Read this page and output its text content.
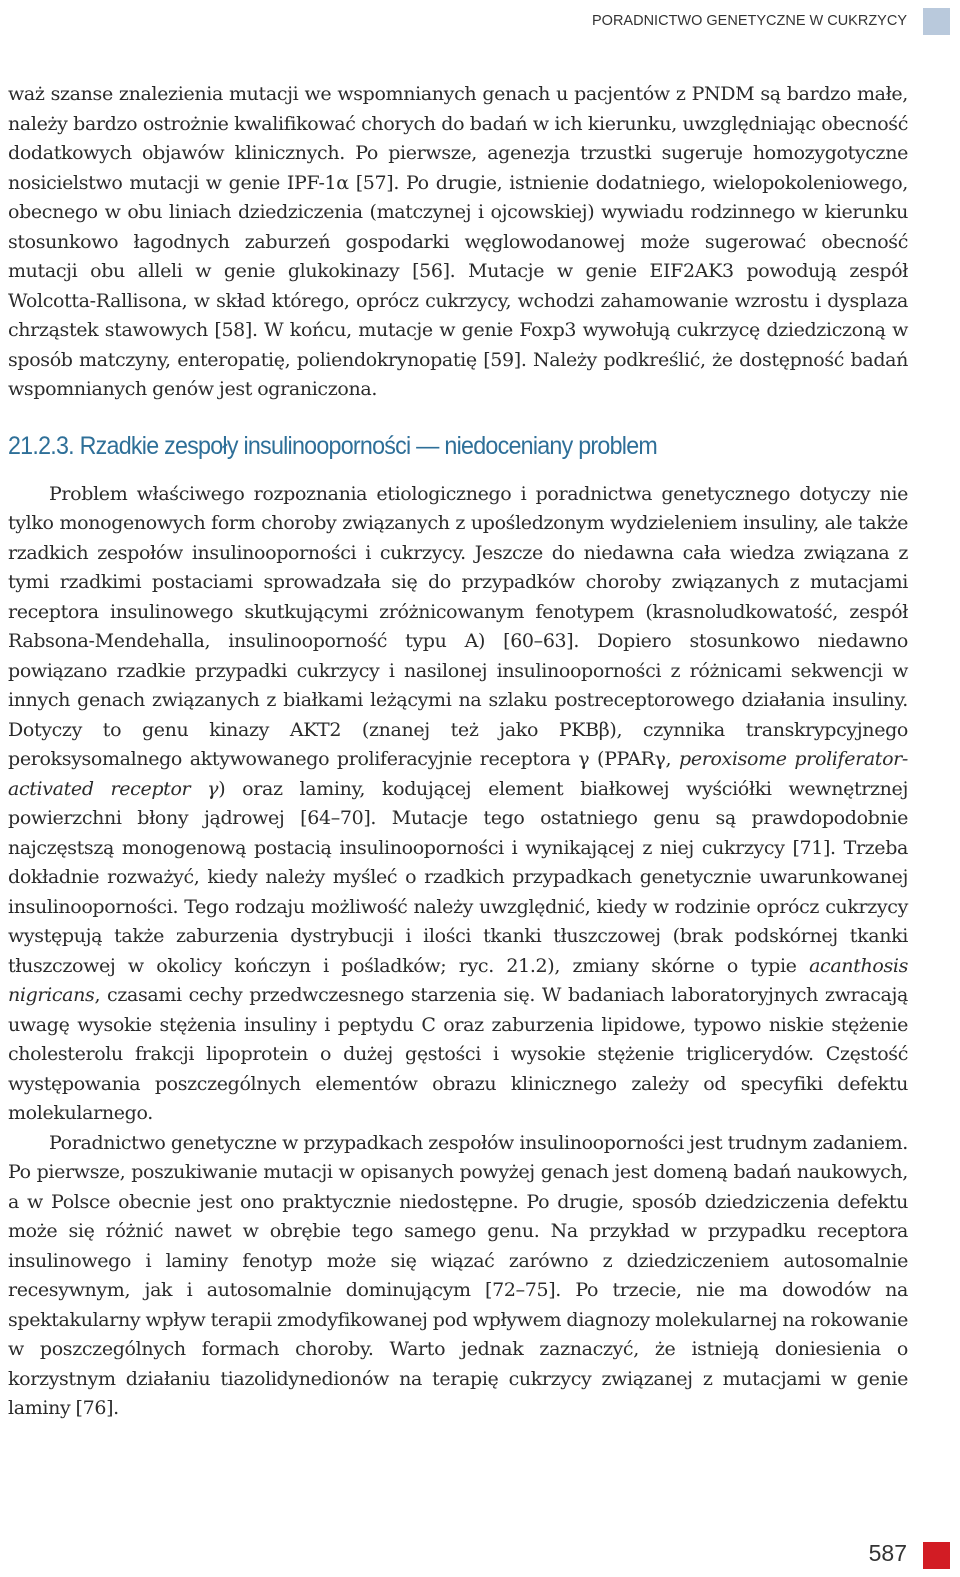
PORADNICTWO GENETYCZNE W CUKRZYCY

waż szanse znalezienia mutacji we wspomnianych genach u pacjentów z PNDM są bardzo małe, należy bardzo ostrożnie kwalifikować chorych do badań w ich kierunku, uwzględniając obecność dodatkowych objawów klinicznych. Po pierwsze, agenezja trzustki sugeruje homozygotyczne nosicielstwo mutacji w genie IPF-1α [57]. Po drugie, istnienie dodatniego, wielopokoleniowego, obecnego w obu liniach dziedziczenia (matczynej i ojcowskiej) wywiadu rodzinnego w kierunku stosunkowo łagodnych zaburzeń gospodarki węglowodanowej może sugerować obecność mutacji obu alleli w genie glukokinazy [56]. Mutacje w genie EIF2AK3 powodują zespół Wolcotta-Rallisona, w skład którego, oprócz cukrzycy, wchodzi zahamowanie wzrostu i dysplaza chrząstek stawowych [58]. W końcu, mutacje w genie Foxp3 wywołują cukrzycę dziedziczoną w sposób matczyny, enteropatię, poliendokrynopatię [59]. Należy podkreślić, że dostępność badań wspomnianych genów jest ograniczona.

21.2.3. Rzadkie zespoły insulinooporności — niedoceniany problem

Problem właściwego rozpoznania etiologicznego i poradnictwa genetycznego dotyczy nie tylko monogenowych form choroby związanych z upośledzonym wydzieleniem insuliny, ale także rzadkich zespołów insulinooporności i cukrzycy. Jeszcze do niedawna cała wiedza związana z tymi rzadkimi postaciami sprowadzała się do przypadków choroby związanych z mutacjami receptora insulinowego skutkującymi zróżnicowanym fenotypem (krasnoludkowatość, zespół Rabsona-Mendehalla, insulinooporność typu A) [60–63]. Dopiero stosunkowo niedawno powiązano rzadkie przypadki cukrzycy i nasilonej insulinooporności z różnicami sekwencji w innych genach związanych z białkami leżącymi na szlaku postreceptorowego działania insuliny. Dotyczy to genu kinazy AKT2 (znanej też jako PKBβ), czynnika transkrypcyjnego peroksysomalnego aktywowanego proliferacyjnie receptora γ (PPARγ, peroxisome proliferator-activated receptor γ) oraz laminy, kodującej element białkowej wyściółki wewnętrznej powierzchni błony jądrowej [64–70]. Mutacje tego ostatniego genu są prawdopodobnie najczęstszą monogenową postacią insulinooporności i wynikającej z niej cukrzycy [71]. Trzeba dokładnie rozważyć, kiedy należy myśleć o rzadkich przypadkach genetycznie uwarunkowanej insulinooporności. Tego rodzaju możliwość należy uwzględnić, kiedy w rodzinie oprócz cukrzycy występują także zaburzenia dystrybucji i ilości tkanki tłuszczowej (brak podskórnej tkanki tłuszczowej w okolicy kończyn i pośladków; ryc. 21.2), zmiany skórne o typie acanthosis nigricans, czasami cechy przedwczesnego starzenia się. W badaniach laboratoryjnych zwracają uwagę wysokie stężenia insuliny i peptydu C oraz zaburzenia lipidowe, typowo niskie stężenie cholesterolu frakcji lipoprotein o dużej gęstości i wysokie stężenie triglicerydów. Częstość występowania poszczególnych elementów obrazu klinicznego zależy od specyfiki defektu molekularnego.

Poradnictwo genetyczne w przypadkach zespołów insulinooporności jest trudnym zadaniem. Po pierwsze, poszukiwanie mutacji w opisanych powyżej genach jest domeną badań naukowych, a w Polsce obecnie jest ono praktycznie niedostępne. Po drugie, sposób dziedziczenia defektu może się różnić nawet w obrębie tego samego genu. Na przykład w przypadku receptora insulinowego i laminy fenotyp może się wiązać zarówno z dziedziczeniem autosomalnie recesywnym, jak i autosomalnie dominującym [72–75]. Po trzecie, nie ma dowodów na spektakularny wpływ terapii zmodyfikowanej pod wpływem diagnozy molekularnej na rokowanie w poszczególnych formach choroby. Warto jednak zaznaczyć, że istnieją doniesienia o korzystnym działaniu tiazolidynedionów na terapię cukrzycy związanej z mutacjami w genie laminy [76].

587
